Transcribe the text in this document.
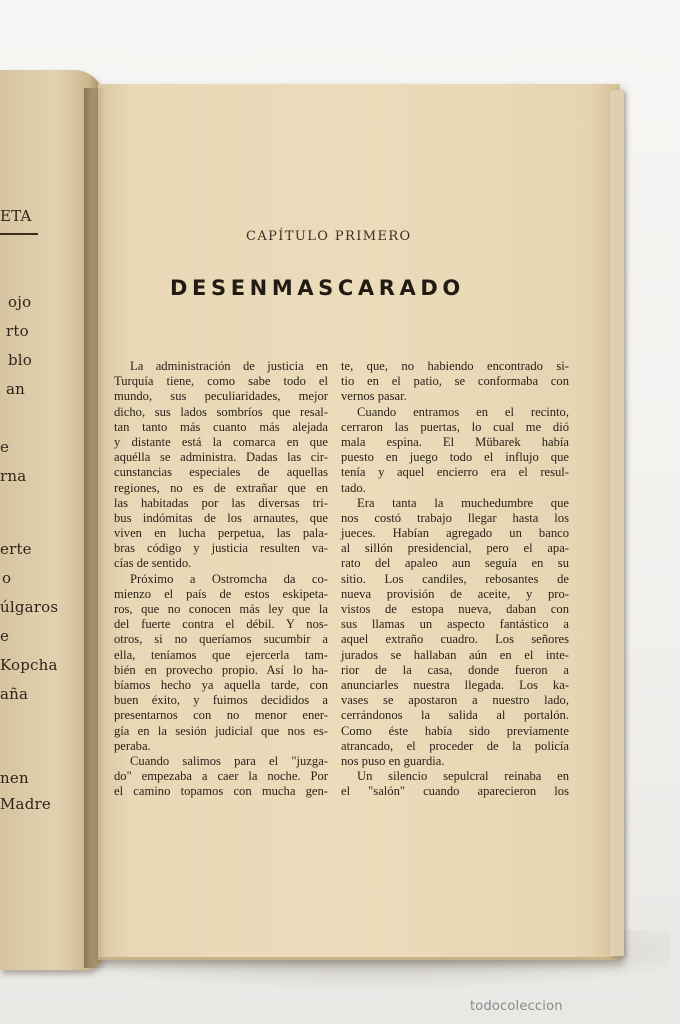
ETA
ojo
rto
blo
an
e
rna
erte
o
úlgaros
e
Kopcha
aña
nen
Madre
CAPÍTULO PRIMERO
DESENMASCARADO
La administración de justicia en
Turquía tiene, como sabe todo el
mundo, sus peculiaridades, mejor
dicho, sus lados sombríos que resal-
tan tanto más cuanto más alejada
y distante está la comarca en que
aquélla se administra. Dadas las cir-
cunstancias especiales de aquellas
regiones, no es de extrañar que en
las habitadas por las diversas tri-
bus indómitas de los arnautes, que
viven en lucha perpetua, las pala-
bras código y justicia resulten va-
cías de sentido.
Próximo a Ostromcha da co-
mienzo el país de estos eskipeta-
ros, que no conocen más ley que la
del fuerte contra el débil. Y nos-
otros, si no queríamos sucumbir a
ella, teníamos que ejercerla tam-
bién en provecho propio. Así lo ha-
bíamos hecho ya aquella tarde, con
buen éxito, y fuimos decididos a
presentarnos con no menor ener-
gía en la sesión judicial que nos es-
peraba.
Cuando salimos para el "juzga-
do" empezaba a caer la noche. Por
el camino topamos con mucha gen-
te, que, no habiendo encontrado si-
tio en el patio, se conformaba con
vernos pasar.
Cuando entramos en el recinto,
cerraron las puertas, lo cual me dió
mala espina. El Mübarek había
puesto en juego todo el influjo que
tenía y aquel encierro era el resul-
tado.
Era tanta la muchedumbre que
nos costó trabajo llegar hasta los
jueces. Habían agregado un banco
al sillón presidencial, pero el apa-
rato del apaleo aun seguía en su
sitio. Los candiles, rebosantes de
nueva provisión de aceite, y pro-
vistos de estopa nueva, daban con
sus llamas un aspecto fantástico a
aquel extraño cuadro. Los señores
jurados se hallaban aún en el inte-
rior de la casa, donde fueron a
anunciarles nuestra llegada. Los ka-
vases se apostaron a nuestro lado,
cerrándonos la salida al portalón.
Como éste había sido previamente
atrancado, el proceder de la policía
nos puso en guardia.
Un silencio sepulcral reinaba en
el "salón" cuando aparecieron los
todocoleccion
